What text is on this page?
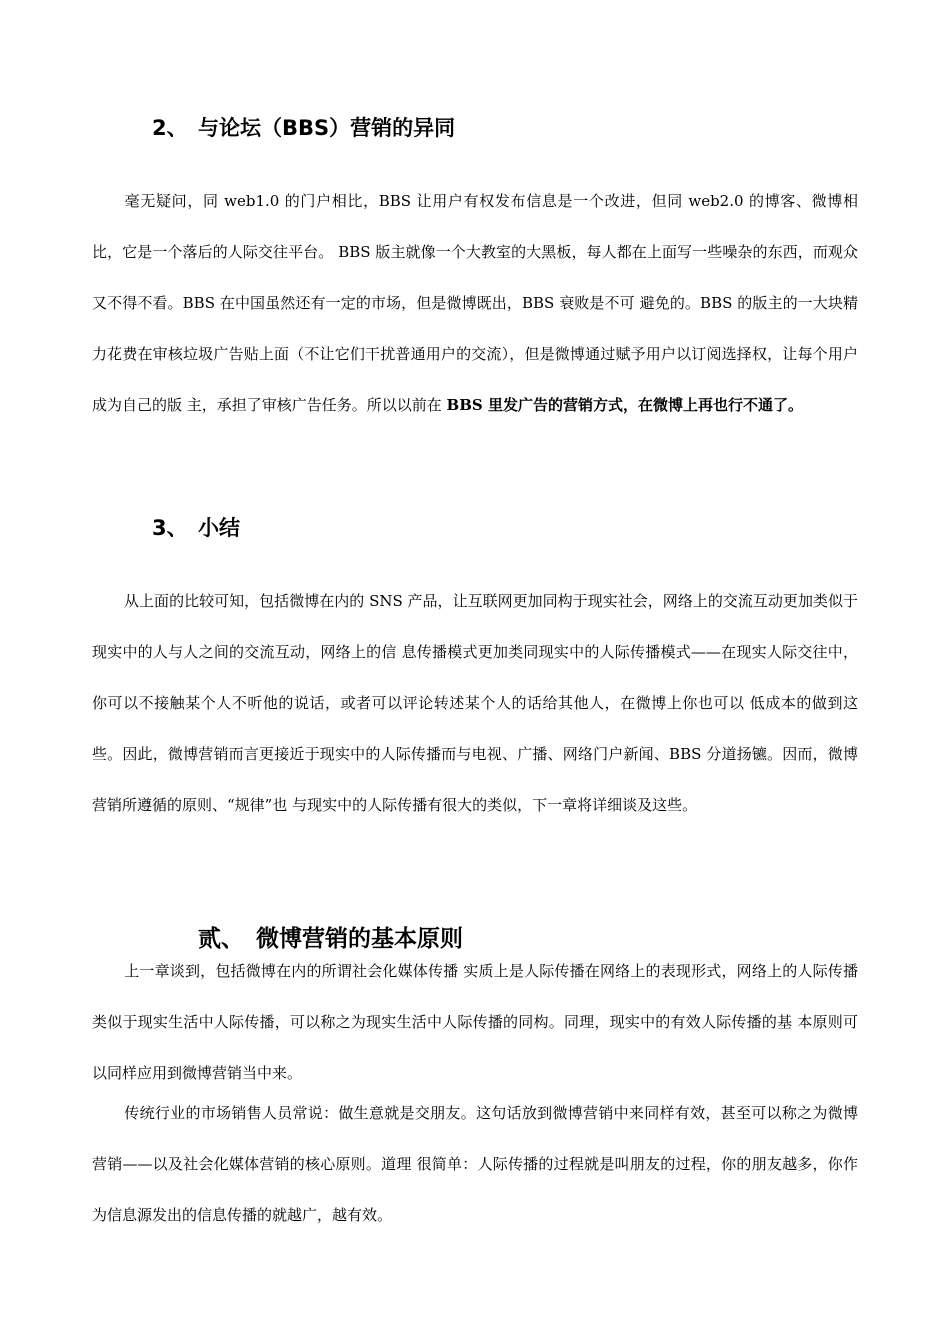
2、 与论坛（BBS）营销的异同

毫无疑问，同 web1.0 的门户相比，BBS 让用户有权发布信息是一个改进，但同 web2.0 的博客、微博相比，它是一个落后的人际交往平台。 BBS 版主就像一个大教室的大黑板，每人都在上面写一些噪杂的东西，而观众又不得不看。BBS 在中国虽然还有一定的市场，但是微博既出，BBS 衰败是不可 避免的。BBS 的版主的一大块精力花费在审核垃圾广告贴上面（不让它们干扰普通用户的交流），但是微博通过赋予用户以订阅选择权，让每个用户成为自己的版 主，承担了审核广告任务。所以以前在 BBS 里发广告的营销方式，在微博上再也行不通了。

3、 小结

从上面的比较可知，包括微博在内的 SNS 产品，让互联网更加同构于现实社会，网络上的交流互动更加类似于现实中的人与人之间的交流互动，网络上的信 息传播模式更加类同现实中的人际传播模式——在现实人际交往中，你可以不接触某个人不听他的说话，或者可以评论转述某个人的话给其他人，在微博上你也可以 低成本的做到这些。因此，微博营销而言更接近于现实中的人际传播而与电视、广播、网络门户新闻、BBS 分道扬镳。因而，微博营销所遵循的原则、“规律”也 与现实中的人际传播有很大的类似，下一章将详细谈及这些。

贰、 微博营销的基本原则

上一章谈到，包括微博在内的所谓社会化媒体传播 实质上是人际传播在网络上的表现形式，网络上的人际传播类似于现实生活中人际传播，可以称之为现实生活中人际传播的同构。同理，现实中的有效人际传播的基 本原则可以同样应用到微博营销当中来。

传统行业的市场销售人员常说：做生意就是交朋友。这句话放到微博营销中来同样有效，甚至可以称之为微博营销——以及社会化媒体营销的核心原则。道理 很简单：人际传播的过程就是叫朋友的过程，你的朋友越多，你作为信息源发出的信息传播的就越广，越有效。
